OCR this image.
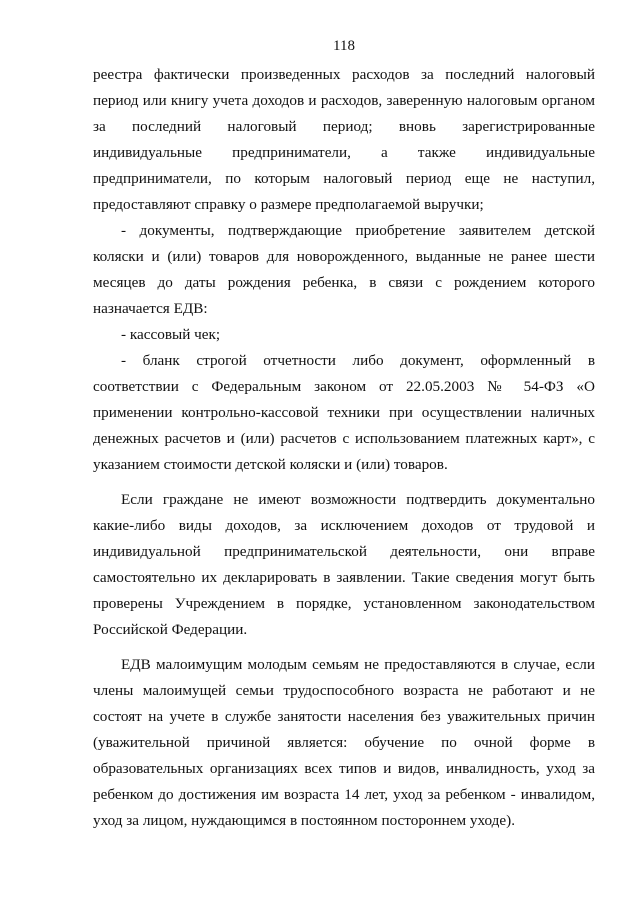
118

реестра фактически произведенных расходов за последний налоговый период или книгу учета доходов и расходов, заверенную налоговым органом за последний налоговый период; вновь зарегистрированные индивидуальные предприниматели, а также индивидуальные предприниматели, по которым налоговый период еще не наступил, предоставляют справку о размере предполагаемой выручки;

- документы, подтверждающие приобретение заявителем детской коляски и (или) товаров для новорожденного, выданные не ранее шести месяцев до даты рождения ребенка, в связи с рождением которого назначается ЕДВ:

- кассовый чек;

- бланк строгой отчетности либо документ, оформленный в соответствии с Федеральным законом от 22.05.2003 № 54-ФЗ «О применении контрольно-кассовой техники при осуществлении наличных денежных расчетов и (или) расчетов с использованием платежных карт», с указанием стоимости детской коляски и (или) товаров.

Если граждане не имеют возможности подтвердить документально какие-либо виды доходов, за исключением доходов от трудовой и индивидуальной предпринимательской деятельности, они вправе самостоятельно их декларировать в заявлении. Такие сведения могут быть проверены Учреждением в порядке, установленном законодательством Российской Федерации.

ЕДВ малоимущим молодым семьям не предоставляются в случае, если члены малоимущей семьи трудоспособного возраста не работают и не состоят на учете в службе занятости населения без уважительных причин (уважительной причиной является: обучение по очной форме в образовательных организациях всех типов и видов, инвалидность, уход за ребенком до достижения им возраста 14 лет, уход за ребенком - инвалидом, уход за лицом, нуждающимся в постоянном постороннем уходе).
